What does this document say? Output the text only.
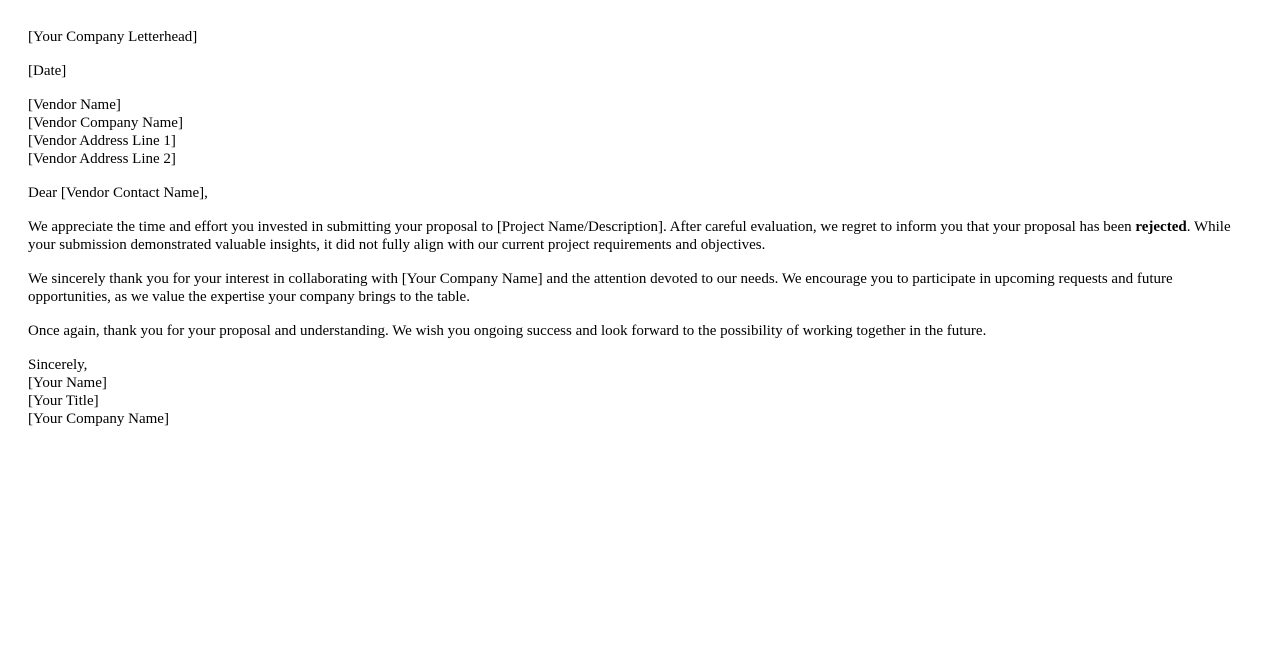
[Your Company Letterhead]
[Date]
[Vendor Name]
[Vendor Company Name]
[Vendor Address Line 1]
[Vendor Address Line 2]
Dear [Vendor Contact Name],

We appreciate the time and effort you invested in submitting your proposal to [Project Name/Description]. After careful evaluation, we regret to inform you that your proposal has been rejected. While your submission demonstrated valuable insights, it did not fully align with our current project requirements and objectives.

We sincerely thank you for your interest in collaborating with [Your Company Name] and the attention devoted to our needs. We encourage you to participate in upcoming requests and future opportunities, as we value the expertise your company brings to the table.

Once again, thank you for your proposal and understanding. We wish you ongoing success and look forward to the possibility of working together in the future.

Sincerely,
[Your Name]
[Your Title]
[Your Company Name]
